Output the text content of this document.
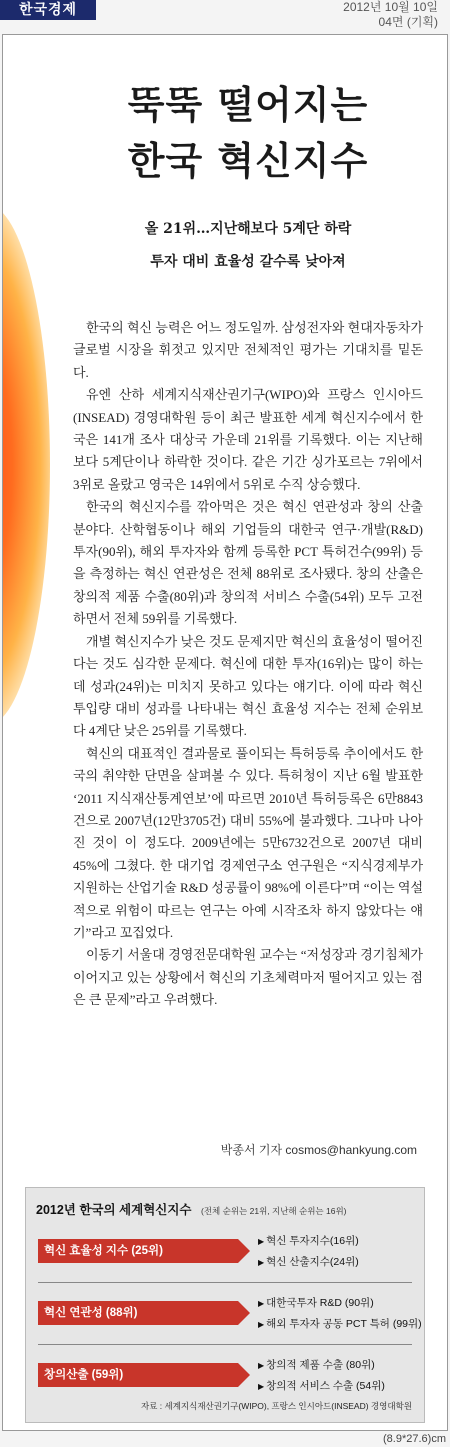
한국경제	2012년 10월 10일
04면 (기획)
뚝뚝 떨어지는
한국 혁신지수
올 21위…지난해보다 5계단 하락
투자 대비 효율성 갈수록 낮아져

한국의 혁신 능력은 어느 정도일까. 삼성전자와 현대자동차가 글로벌 시장을 휘젓고 있지만 전체적인 평가는 기대치를 밑돈다.

유엔 산하 세계지식재산권기구(WIPO)와 프랑스 인시아드(INSEAD) 경영대학원 등이 최근 발표한 세계 혁신지수에서 한국은 141개 조사 대상국 가운데 21위를 기록했다. 이는 지난해보다 5계단이나 하락한 것이다. 같은 기간 싱가포르는 7위에서 3위로 올랐고 영국은 14위에서 5위로 수직 상승했다.

한국의 혁신지수를 깎아먹은 것은 혁신 연관성과 창의 산출 분야다. 산학협동이나 해외 기업들의 대한국 연구·개발(R&D) 투자(90위), 해외 투자자와 함께 등록한 PCT 특허건수(99위) 등을 측정하는 혁신 연관성은 전체 88위로 조사됐다. 창의 산출은 창의적 제품 수출(80위)과 창의적 서비스 수출(54위) 모두 고전하면서 전체 59위를 기록했다.

개별 혁신지수가 낮은 것도 문제지만 혁신의 효율성이 떨어진다는 것도 심각한 문제다. 혁신에 대한 투자(16위)는 많이 하는데 성과(24위)는 미치지 못하고 있다는 얘기다. 이에 따라 혁신 투입량 대비 성과를 나타내는 혁신 효율성 지수는 전체 순위보다 4계단 낮은 25위를 기록했다.

혁신의 대표적인 결과물로 풀이되는 특허등록 추이에서도 한국의 취약한 단면을 살펴볼 수 있다. 특허청이 지난 6월 발표한 ‘2011 지식재산통계연보’에 따르면 2010년 특허등록은 6만8843건으로 2007년(12만3705건) 대비 55%에 불과했다. 그나마 나아진 것이 이 정도다. 2009년에는 5만6732건으로 2007년 대비 45%에 그쳤다. 한 대기업 경제연구소 연구원은 “지식경제부가 지원하는 산업기술 R&D 성공률이 98%에 이른다”며 “이는 역설적으로 위험이 따르는 연구는 아예 시작조차 하지 않았다는 얘기”라고 꼬집었다.

이동기 서울대 경영전문대학원 교수는 “저성장과 경기침체가 이어지고 있는 상황에서 혁신의 기초체력마저 떨어지고 있는 점은 큰 문제”라고 우려했다.

박종서 기자 cosmos@hankyung.com
2012년 한국의 세계혁신지수 (전체 순위는 21위, 지난해 순위는 16위)
혁신 효율성 지수 (25위)
▶ 혁신 투자지수(16위)
▶ 혁신 산출지수(24위)
혁신 연관성 (88위)
▶ 대한국투자 R&D (90위)
▶ 해외 투자자 공동 PCT 특허 (99위)
창의산출 (59위)
▶ 창의적 제품 수출 (80위)
▶ 창의적 서비스 수출 (54위)
자료 : 세계지식재산권기구(WIPO), 프랑스 인시아드(INSEAD) 경영대학원
(8.9*27.6)cm
